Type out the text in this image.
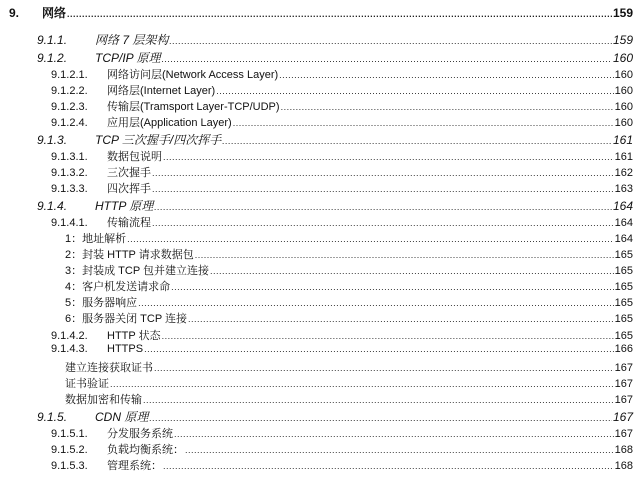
9.	网络 .....	159
9.1.1.	网络 7 层架构 .....	159
9.1.2.	TCP/IP 原理 .....	160
9.1.2.1.	网络访问层(Network Access Layer) .....	160
9.1.2.2.	网络层(Internet Layer) .....	160
9.1.2.3.	传输层(Tramsport Layer-TCP/UDP) .....	160
9.1.2.4.	应用层(Application Layer) .....	160
9.1.3.	TCP 三次握手/四次挥手 .....	161
9.1.3.1.	数据包说明 .....	161
9.1.3.2.	三次握手 .....	162
9.1.3.3.	四次挥手 .....	163
9.1.4.	HTTP 原理 .....	164
9.1.4.1.	传输流程 .....	164
1：地址解析 .....	164
2：封装 HTTP 请求数据包 .....	165
3：封装成 TCP 包并建立连接 .....	165
4：客户机发送请求命 .....	165
5：服务器响应 .....	165
6：服务器关闭 TCP 连接 .....	165
9.1.4.2.	HTTP 状态 .....	165
9.1.4.3.	HTTPS .....	166
建立连接获取证书 .....	167
证书验证 .....	167
数据加密和传输 .....	167
9.1.5.	CDN 原理 .....	167
9.1.5.1.	分发服务系统 .....	167
9.1.5.2.	负载均衡系统： .....	168
9.1.5.3.	管理系统： .....	168
